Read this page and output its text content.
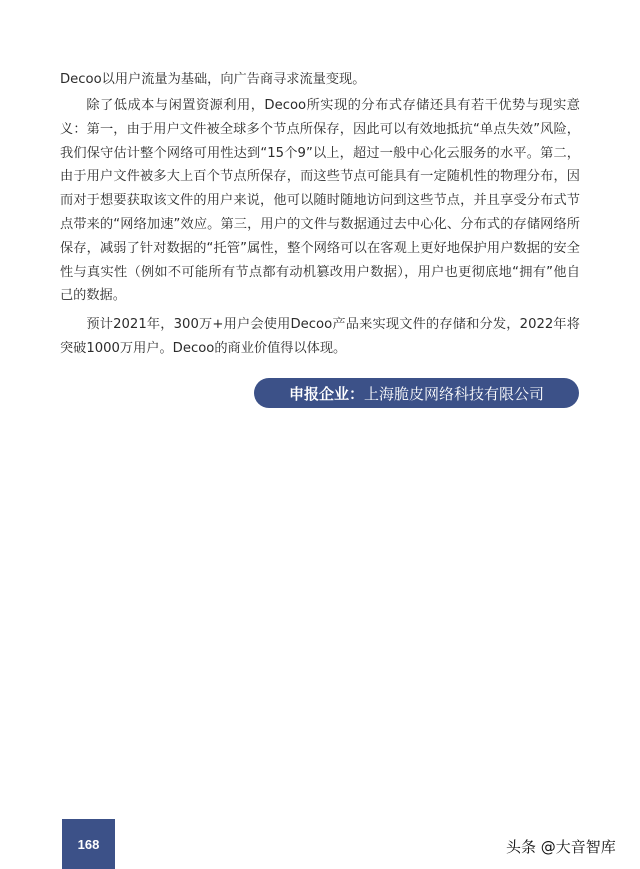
Decoo以用户流量为基础，向广告商寻求流量变现。

除了低成本与闲置资源利用，Decoo所实现的分布式存储还具有若干优势与现实意义：第一，由于用户文件被全球多个节点所保存，因此可以有效地抵抗“单点失效”风险，我们保守估计整个网络可用性达到“15个9”以上，超过一般中心化云服务的水平。第二，由于用户文件被多大上百个节点所保存，而这些节点可能具有一定随机性的物理分布，因而对于想要获取该文件的用户来说，他可以随时随地访问到这些节点，并且享受分布式节点带来的“网络加速”效应。第三，用户的文件与数据通过去中心化、分布式的存储网络所保存，减弱了针对数据的“托管”属性，整个网络可以在客观上更好地保护用户数据的安全性与真实性（例如不可能所有节点都有动机篡改用户数据），用户也更彻底地“拥有”他自己的数据。

预计2021年，300万+用户会使用Decoo产品来实现文件的存储和分发，2022年将突破1000万用户。Decoo的商业价值得以体现。

申报企业： 上海脆皮网络科技有限公司
168	头条 @大音智库
